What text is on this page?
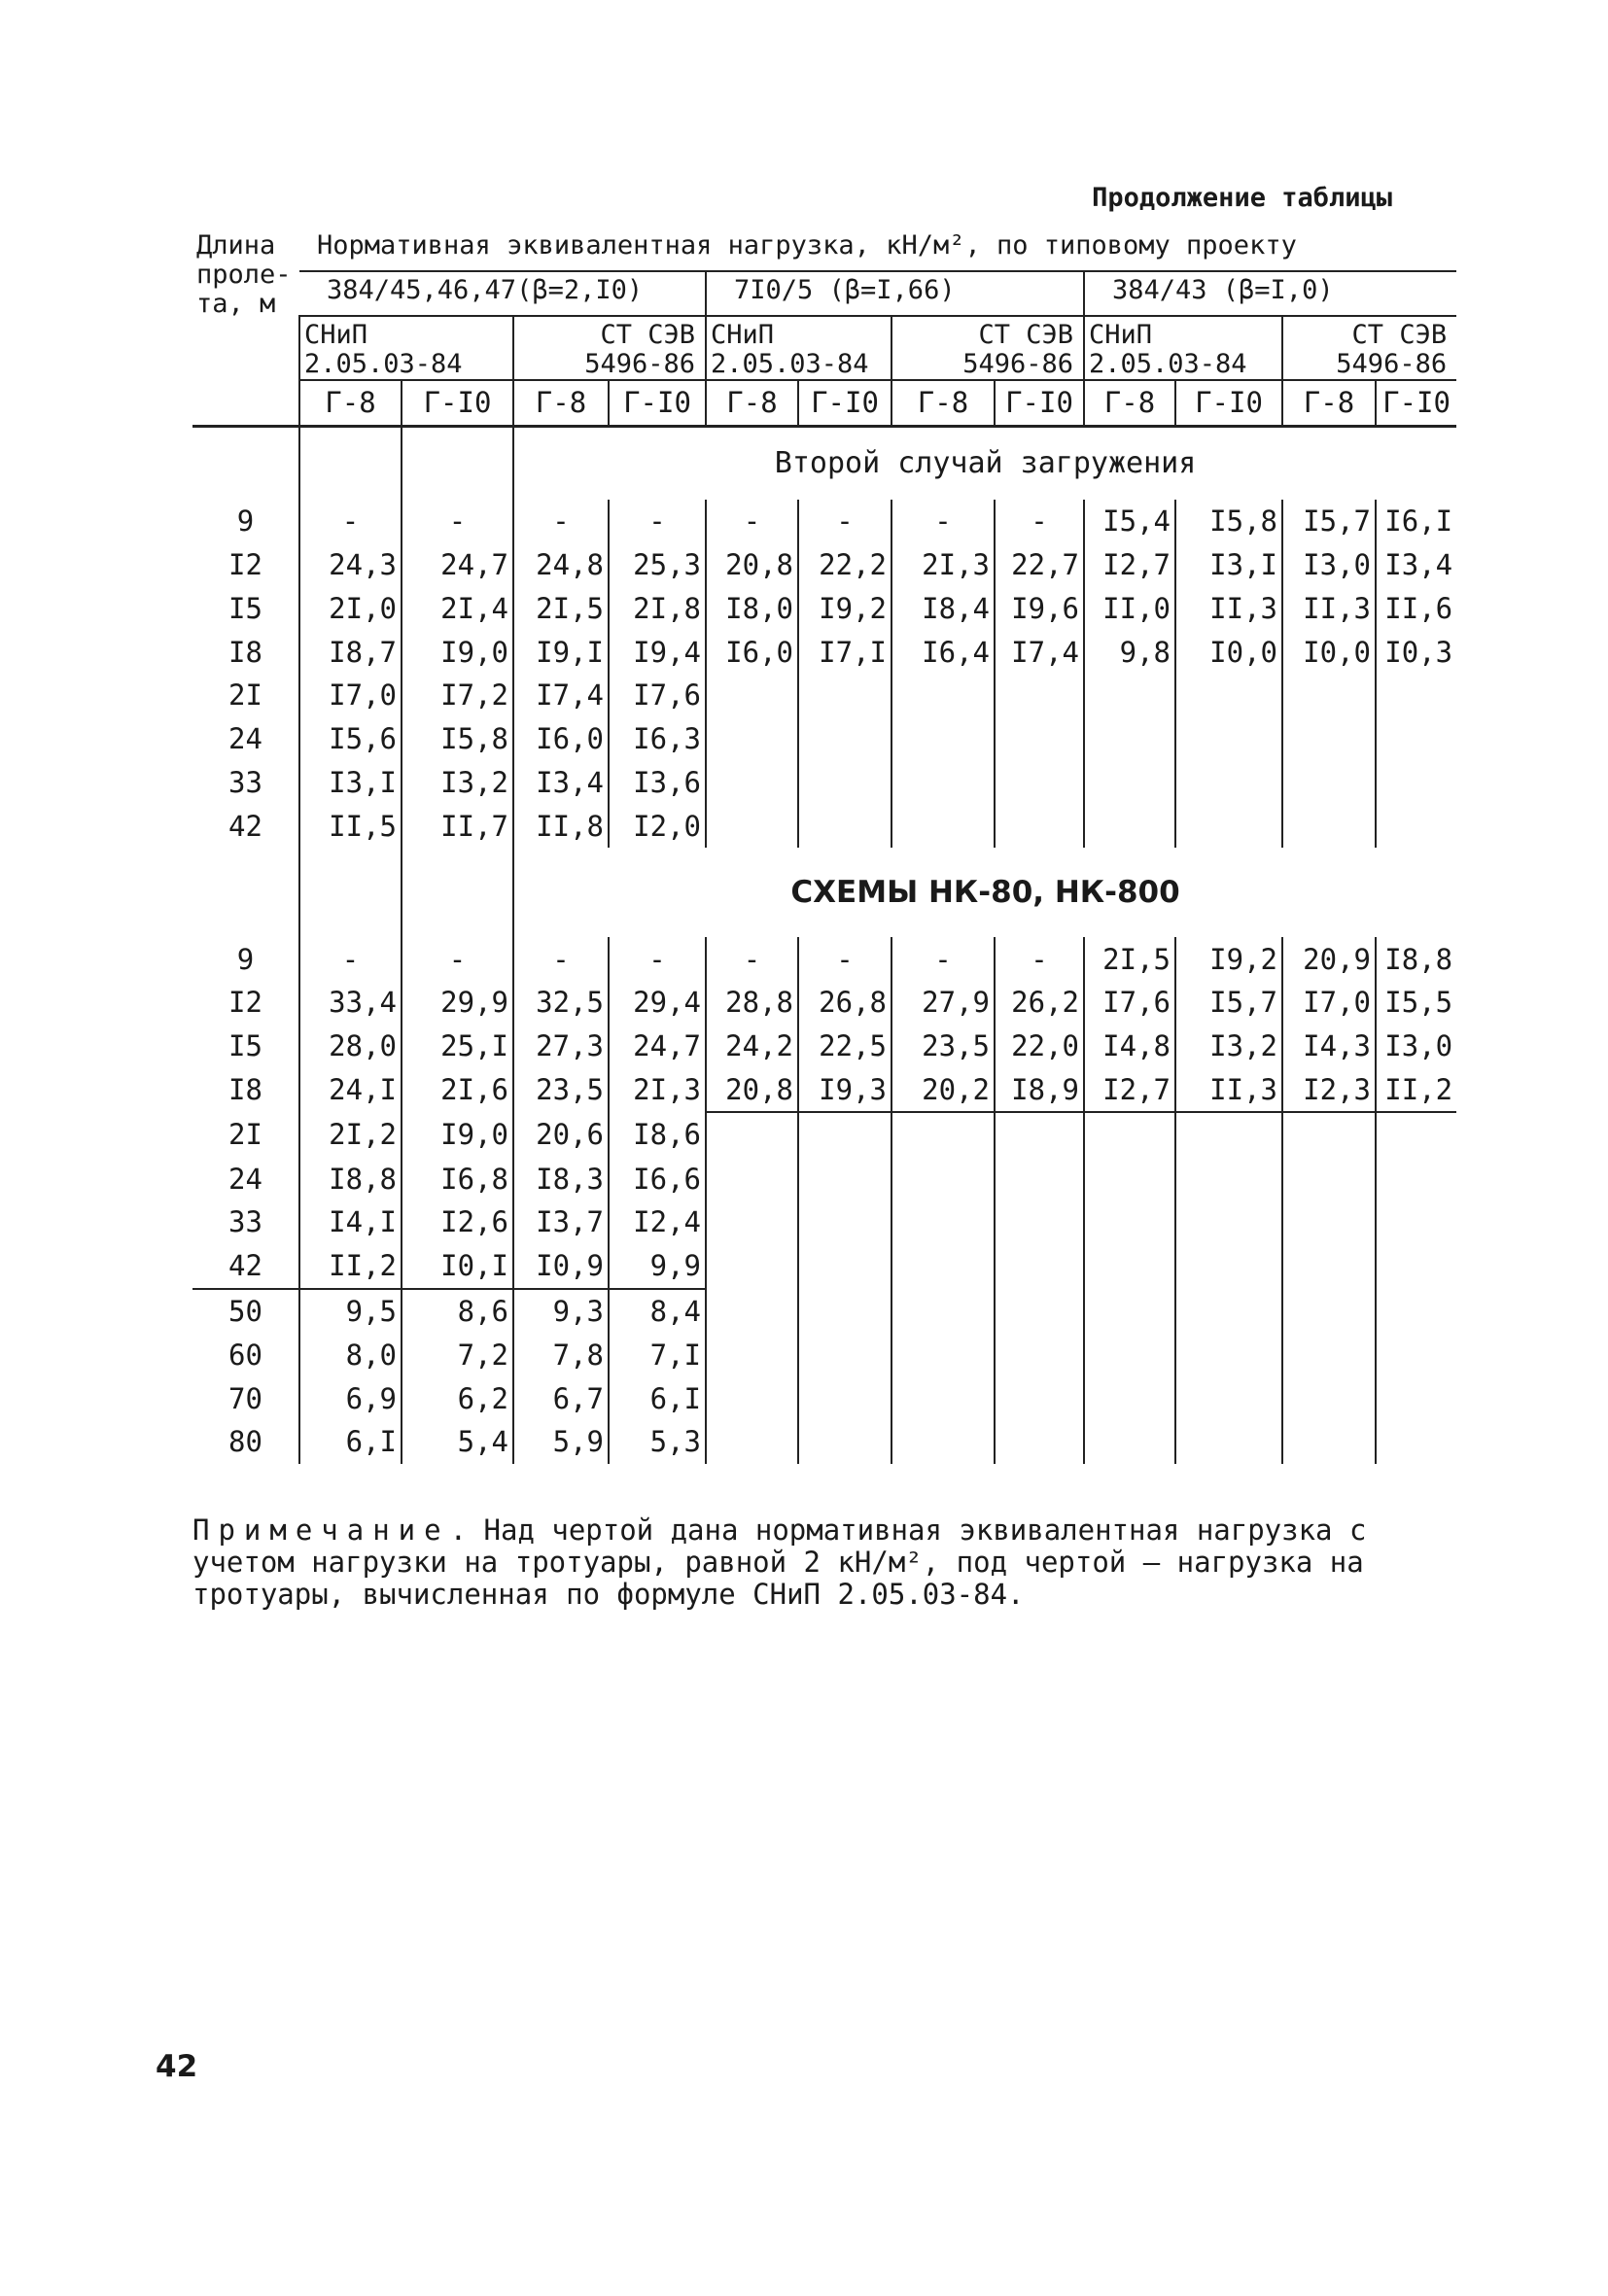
Продолжение таблицы
Длина проле- та, м	Нормативная эквивалентная нагрузка, кН/м², по типовому проекту											
	384/45,46,47(β=2,I0)				7I0/5 (β=I,66)				384/43 (β=I,0)			
	СНиП 2.05.03-84		СТ СЭВ 5496-86		СНиП 2.05.03-84		СТ СЭВ 5496-86		СНиП 2.05.03-84		СТ СЭВ 5496-86	
	Г-8	Г-I0	Г-8	Г-I0	Г-8	Г-I0	Г-8	Г-I0	Г-8	Г-I0	Г-8	Г-I0
			Второй случай загружения									
9	-	-	-	-	-	-	-	-	I5,4	I5,8	I5,7	I6,I
I2	24,3	24,7	24,8	25,3	20,8	22,2	2I,3	22,7	I2,7	I3,I	I3,0	I3,4
I5	2I,0	2I,4	2I,5	2I,8	I8,0	I9,2	I8,4	I9,6	II,0	II,3	II,3	II,6
I8	I8,7	I9,0	I9,I	I9,4	I6,0	I7,I	I6,4	I7,4	9,8	I0,0	I0,0	I0,3
2I	I7,0	I7,2	I7,4	I7,6								
24	I5,6	I5,8	I6,0	I6,3								
33	I3,I	I3,2	I3,4	I3,6								
42	II,5	II,7	II,8	I2,0								
			СХЕМЫ НК-80, НК-800									
9	-	-	-	-	-	-	-	-	2I,5	I9,2	20,9	I8,8
I2	33,4	29,9	32,5	29,4	28,8	26,8	27,9	26,2	I7,6	I5,7	I7,0	I5,5
I5	28,0	25,I	27,3	24,7	24,2	22,5	23,5	22,0	I4,8	I3,2	I4,3	I3,0
I8	24,I	2I,6	23,5	2I,3	20,8	I9,3	20,2	I8,9	I2,7	II,3	I2,3	II,2
2I	2I,2	I9,0	20,6	I8,6								
24	I8,8	I6,8	I8,3	I6,6								
33	I4,I	I2,6	I3,7	I2,4								
42	II,2	I0,I	I0,9	9,9								
50	9,5	8,6	9,3	8,4								
60	8,0	7,2	7,8	7,I								
70	6,9	6,2	6,7	6,I								
80	6,I	5,4	5,9	5,3								

Примечание. Над чертой дана нормативная эквивалентная нагрузка с учетом нагрузки на тротуары, равной 2 кН/м², под чертой – нагрузка на тротуары, вычисленная по формуле СНиП 2.05.03-84.

42
